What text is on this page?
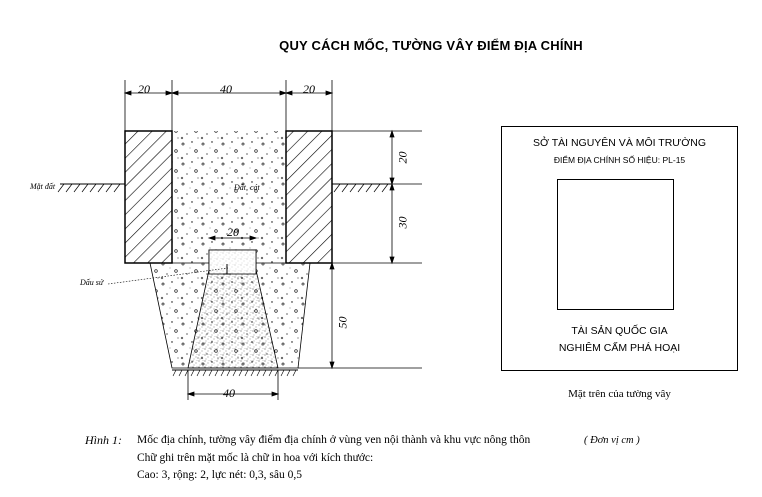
QUY CÁCH MỐC, TƯỜNG VÂY ĐIỂM ĐỊA CHÍNH
20	40	20
20
40
20
30
50
Mặt đất	Đất, cát
Dấu sứ
SỞ TÀI NGUYÊN VÀ MÔI TRƯỜNG
ĐIỂM ĐỊA CHÍNH SỐ HIỆU: PL-15
TÀI SẢN QUỐC GIA
NGHIÊM CẤM PHÁ HOẠI
Mặt trên của tường vây
Hình 1: Mốc địa chính, tường vây điểm địa chính ở vùng ven nội thành và khu vực nông thôn	( Đơn vị cm )
Chữ ghi trên mặt mốc là chữ in hoa với kích thước:
Cao: 3, rộng: 2, lực nét: 0,3, sâu 0,5
